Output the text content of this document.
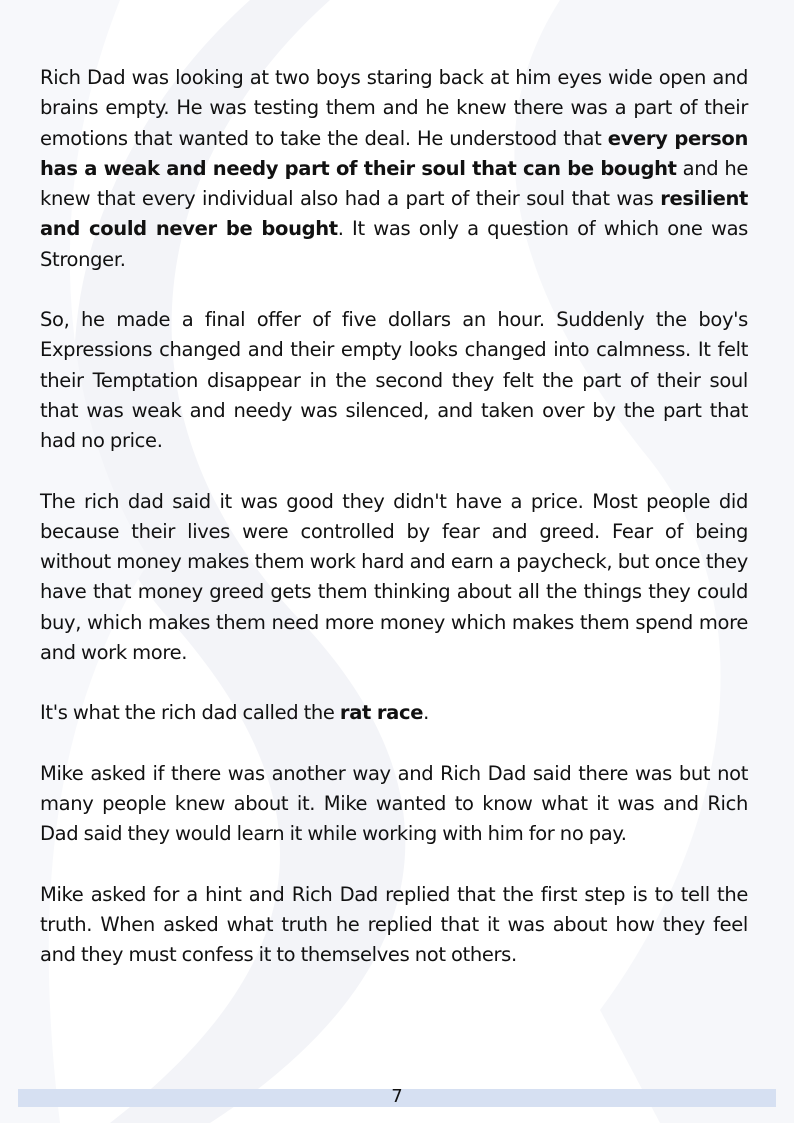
Rich Dad was looking at two boys staring back at him eyes wide open and brains empty. He was testing them and he knew there was a part of their emotions that wanted to take the deal. He understood that every person has a weak and needy part of their soul that can be bought and he knew that every individual also had a part of their soul that was resilient and could never be bought. It was only a question of which one was Stronger.

So, he made a final offer of five dollars an hour. Suddenly the boy's Expressions changed and their empty looks changed into calmness. It felt their Temptation disappear in the second they felt the part of their soul that was weak and needy was silenced, and taken over by the part that had no price.

The rich dad said it was good they didn't have a price. Most people did because their lives were controlled by fear and greed. Fear of being without money makes them work hard and earn a paycheck, but once they have that money greed gets them thinking about all the things they could buy, which makes them need more money which makes them spend more and work more.

It's what the rich dad called the rat race.

Mike asked if there was another way and Rich Dad said there was but not many people knew about it. Mike wanted to know what it was and Rich Dad said they would learn it while working with him for no pay.

Mike asked for a hint and Rich Dad replied that the first step is to tell the truth. When asked what truth he replied that it was about how they feel and they must confess it to themselves not others.

7
